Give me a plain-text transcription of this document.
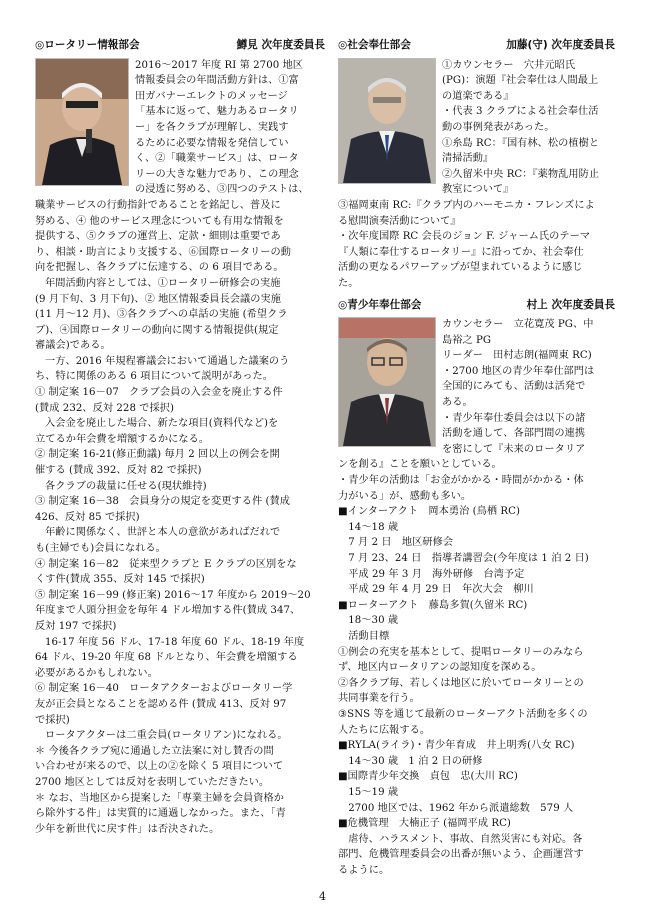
◎ロータリー情報部会	鱒見 次年度委員長

2016～2017 年度 RI 第 2700 地区

情報委員会の年間活動方針は、①富

田ガバナーエレクトのメッセージ

「基本に返って、魅力あるロータリ

ー」を各クラブが理解し、実践す

るために必要な情報を発信してい

く、②「職業サービス」は、ロータ

リーの大きな魅力であり、この理念

の浸透に努める、③四つのテストは、

職業サービスの行動指針であることを銘記し、普及に

努める、④ 他のサービス理念についても有用な情報を

提供する、⑤クラブの運営上、定款・細則は重要であ

り、相談・助言により支援する、⑥国際ロータリーの動

向を把握し、各クラブに伝達する、の 6 項目である。

年間活動内容としては、①ロータリー研修会の実施

(9 月下旬、3 月下旬)、② 地区情報委員長会議の実施

(11 月～12 月)、③各クラブへの卓話の実施 (希望クラ

ブ)、④国際ロータリーの動向に関する情報提供(規定

審議会)である。

一方、2016 年規程審議会において通過した議案のう

ち、特に関係のある 6 項目について説明があった。

① 制定案 16－07　クラブ会員の入会金を廃止する件

(賛成 232、反対 228 で採択)

入会金を廃止した場合、新たな項目(資料代など)を

立てるか年会費を増額するかになる。

② 制定案 16-21(修正動議) 毎月 2 回以上の例会を開

催する (賛成 392、反対 82 で採択)

各クラブの裁量に任せる(現状維持)

③ 制定案 16－38　会員身分の規定を変更する件 (賛成

426、反対 85 で採択)

年齢に関係なく、世評と本人の意欲があればだれで

も(主婦でも)会員になれる。

④ 制定案 16－82　従来型クラブと E クラブの区別をな

くす件(賛成 355、反対 145 で採択)

⑤ 制定案 16－99 (修正案) 2016～17 年度から 2019～20

年度まで人頭分担金を毎年 4 ドル増加する件(賛成 347、

反対 197 で採択)

16-17 年度 56 ドル、17-18 年度 60 ドル、18-19 年度

64 ドル、19-20 年度 68 ドルとなり、年会費を増額する

必要があるかもしれない。

⑥ 制定案 16－40　ロータアクターおよびロータリー学

友が正会員となることを認める件 (賛成 413、反対 97

で採択)

ロータアクターは二重会員(ロータリアン)になれる。

＊ 今後各クラブ宛に通過した立法案に対し賛否の問

い合わせが来るので、以上の②を除く 5 項目について

2700 地区としては反対を表明していただきたい。

＊ なお、当地区から提案した「専業主婦を会員資格か

ら除外する件」は実質的に通過しなかった。また、「青

少年を新世代に戻す件」は否決された。

◎社会奉仕部会	加藤(守) 次年度委員長

①カウンセラー　穴井元昭氏

(PG)：演題『社会奉仕は人間最上

の道楽である』

・代表 3 クラブによる社会奉仕活

動の事例発表があった。

①糸島 RC：『国有林、松の植樹と

清掃活動』

②久留米中央 RC：『薬物乱用防止

教室について』

③福岡東南 RC:『クラブ内のハーモニカ・フレンズによ

る慰問演奏活動について』

・次年度国際 RC 会長のジョン F. ジャーム氏のテーマ

『人類に奉仕するロータリー』に沿ってか、社会奉仕

活動の更なるパワーアップが望まれているように感じ

た。

◎青少年奉仕部会	村上 次年度委員長

カウンセラー　立花寛茂 PG、中

島裕之 PG

リーダー　田村志朗(福岡東 RC)

・2700 地区の青少年奉仕部門は

全国的にみても、活動は活発で

ある。

・青少年奉仕委員会は以下の諸

活動を通して、各部門間の連携

を密にして『未来のロータリア

ンを創る』ことを願いとしている。

・青少年の活動は「お金がかかる・時間がかかる・体

力がいる」が、感動も多い。

■インターアクト　岡本勇治 (鳥栖 RC)

　14～18 歳

　7 月 2 日　地区研修会

　7 月 23、24 日　指導者講習会(今年度は 1 泊 2 日)

　平成 29 年 3 月　海外研修　台湾予定

　平成 29 年 4 月 29 日　年次大会　柳川

■ローターアクト　藤島多賀(久留米 RC)

　18～30 歳

　活動目標

①例会の充実を基本として、提唱ロータリーのみなら

ず、地区内ロータリアンの認知度を深める。

②各クラブ毎、若しくは地区に於いてロータリーとの

共同事業を行う。

③SNS 等を通じて最新のローターアクト活動を多くの

人たちに広報する。

■RYLA(ライラ)・青少年育成　井上明秀(八女 RC)

　14～30 歳　1 泊 2 日の研修

■国際青少年交換　貞包　忠(大川 RC)

　15～19 歳

　2700 地区では、1962 年から派遣総数　579 人

■危機管理　大楠正子 (福岡平成 RC)

　虐待、ハラスメント、事故、自然災害にも対応。各

部門、危機管理委員会の出番が無いよう、企画運営す

るように。

4
